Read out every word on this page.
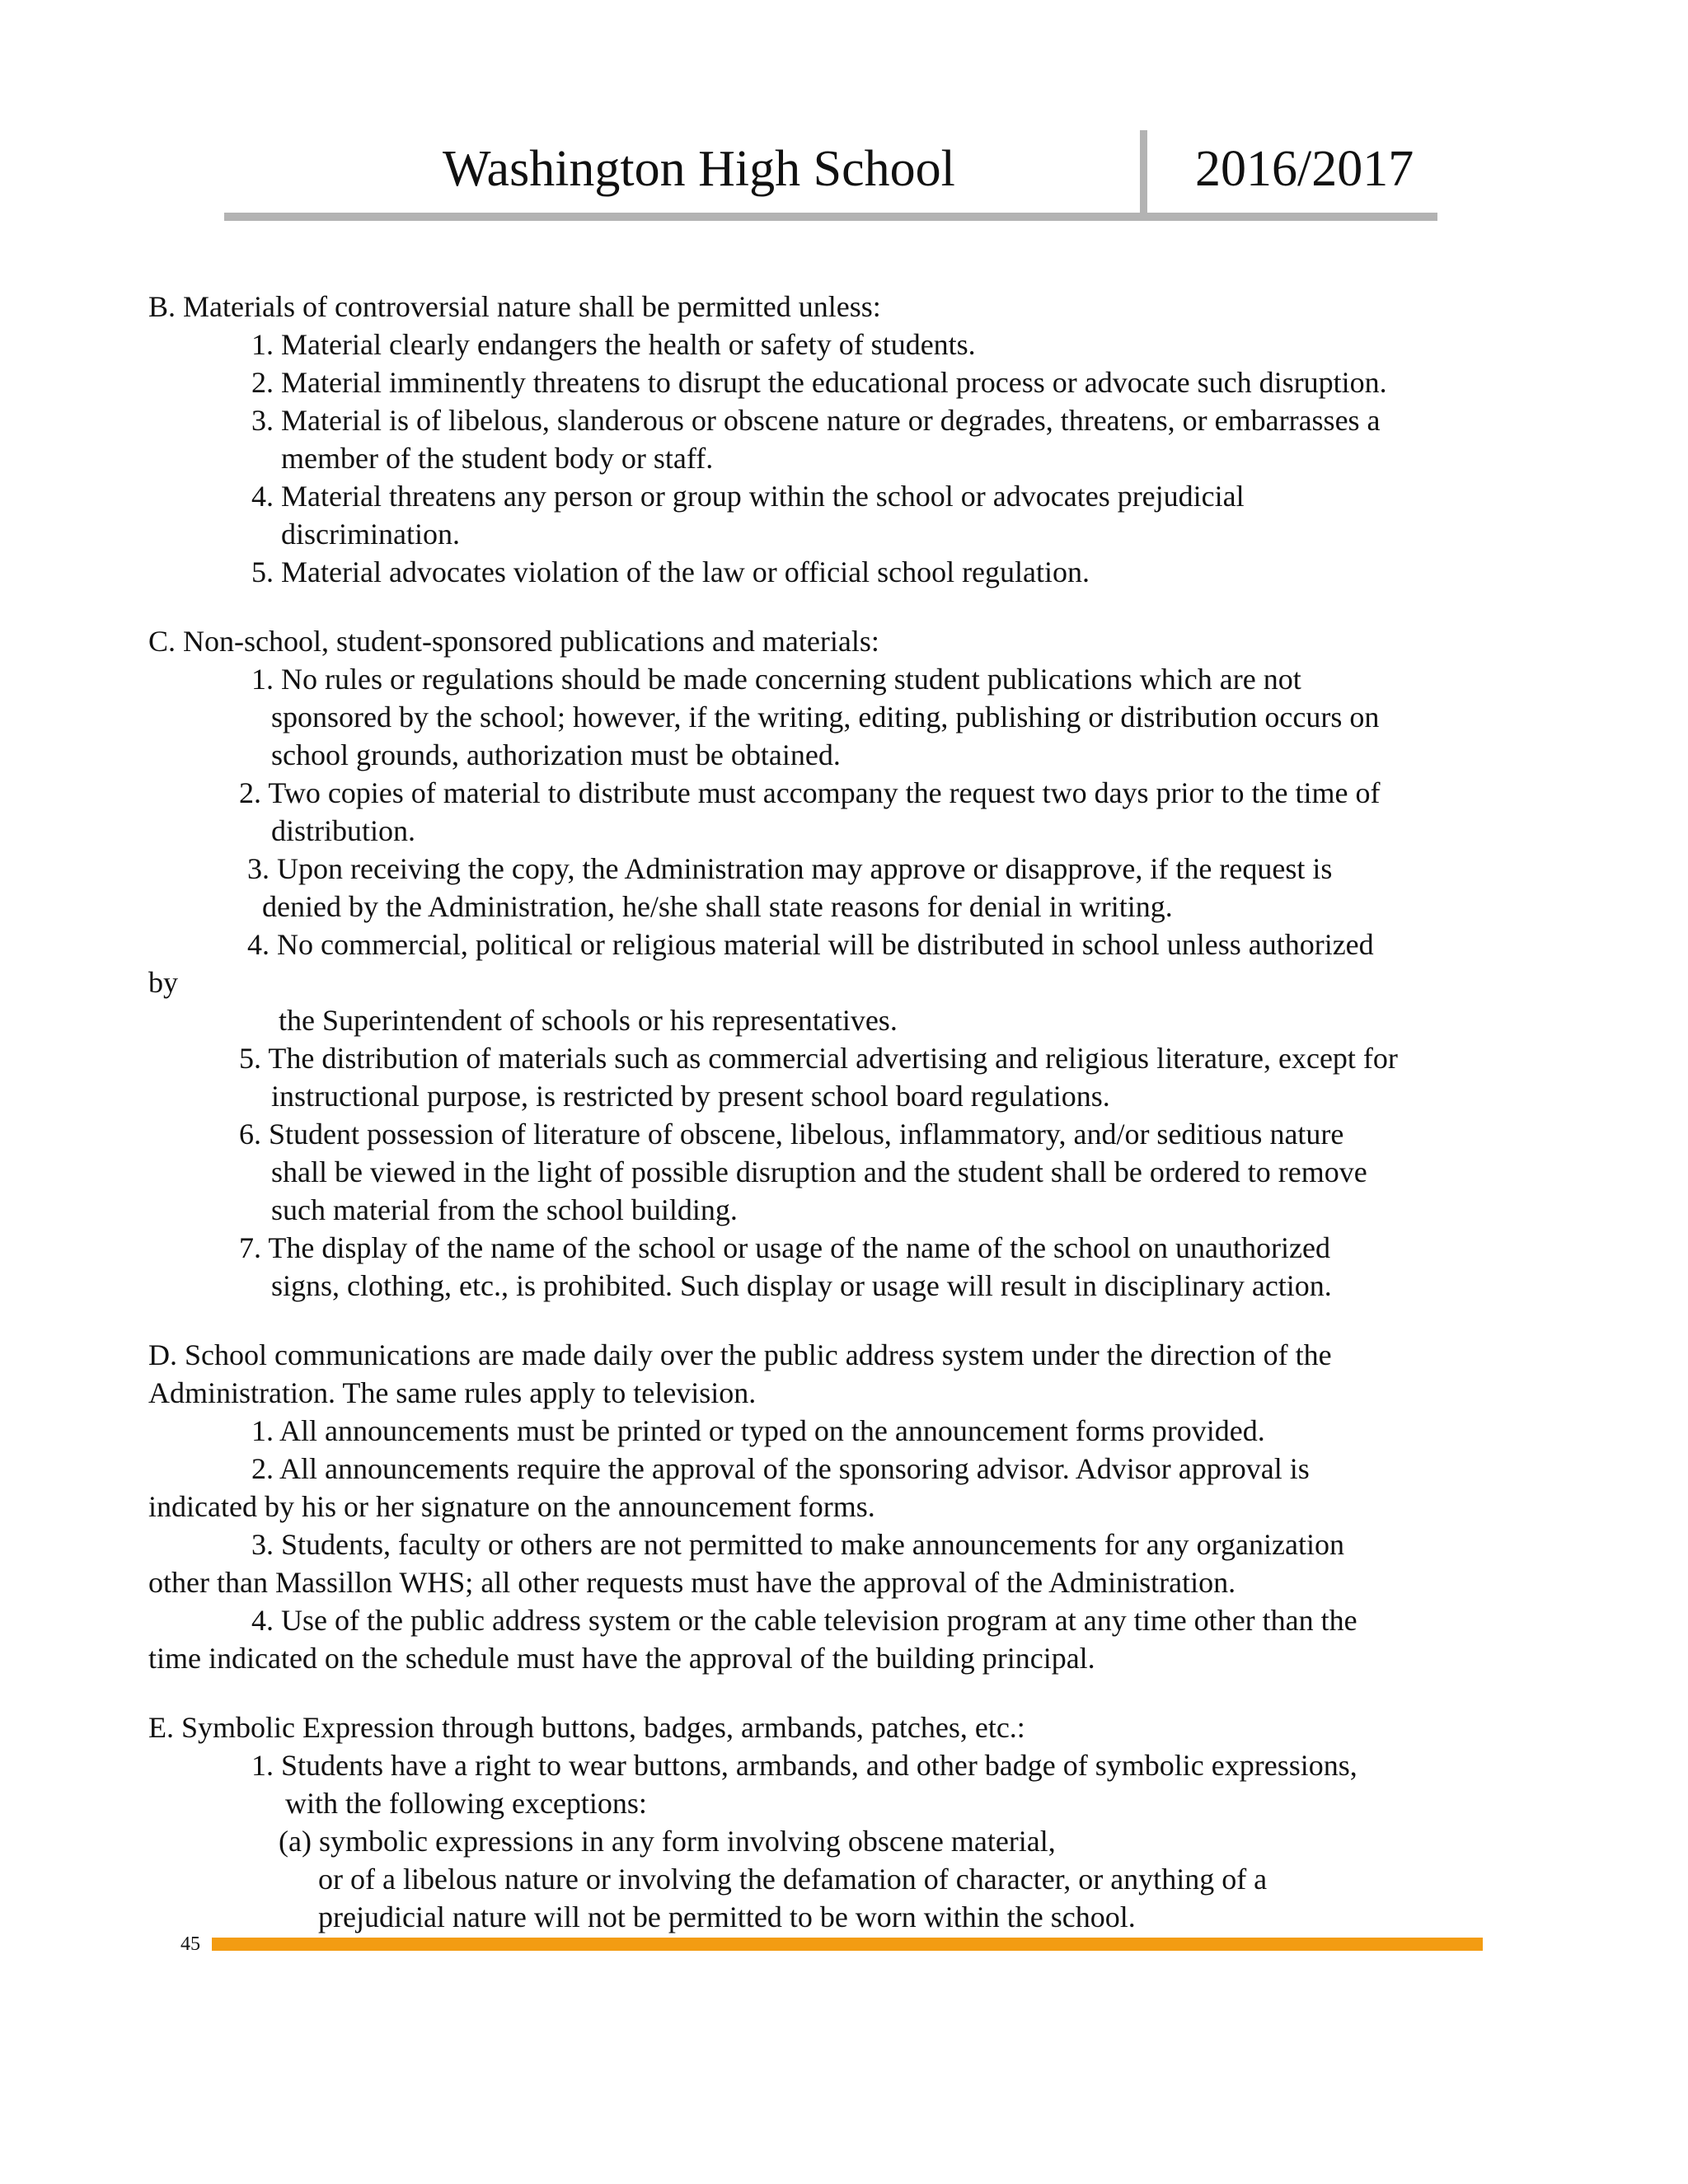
Washington High School	2016/2017
B. Materials of controversial nature shall be permitted unless:
1. Material clearly endangers the health or safety of students.
2. Material imminently threatens to disrupt the educational process or advocate such disruption.
3. Material is of libelous, slanderous or obscene nature or degrades, threatens, or embarrasses a
member of the student body or staff.
4. Material threatens any person or group within the school or advocates prejudicial
discrimination.
5. Material advocates violation of the law or official school regulation.
C. Non-school, student-sponsored publications and materials:
1. No rules or regulations should be made concerning student publications which are not
sponsored by the school; however, if the writing, editing, publishing or distribution occurs on
school grounds, authorization must be obtained.
2. Two copies of material to distribute must accompany the request two days prior to the time of
distribution.
3. Upon receiving the copy, the Administration may approve or disapprove, if the request is
denied by the Administration, he/she shall state reasons for denial in writing.
4. No commercial, political or religious material will be distributed in school unless authorized
by
the Superintendent of schools or his representatives.
5. The distribution of materials such as commercial advertising and religious literature, except for
instructional purpose, is restricted by present school board regulations.
6. Student possession of literature of obscene, libelous, inflammatory, and/or seditious nature
shall be viewed in the light of possible disruption and the student shall be ordered to remove
such material from the school building.
7. The display of the name of the school or usage of the name of the school on unauthorized
signs, clothing, etc., is prohibited. Such display or usage will result in disciplinary action.
D. School communications are made daily over the public address system under the direction of the
Administration. The same rules apply to television.
1. All announcements must be printed or typed on the announcement forms provided.
2. All announcements require the approval of the sponsoring advisor. Advisor approval is
indicated by his or her signature on the announcement forms.
3. Students, faculty or others are not permitted to make announcements for any organization
other than Massillon WHS; all other requests must have the approval of the Administration.
4. Use of the public address system or the cable television program at any time other than the
time indicated on the schedule must have the approval of the building principal.
E. Symbolic Expression through buttons, badges, armbands, patches, etc.:
1. Students have a right to wear buttons, armbands, and other badge of symbolic expressions,
with the following exceptions:
(a) symbolic expressions in any form involving obscene material,
or of a libelous nature or involving the defamation of character, or anything of a
prejudicial nature will not be permitted to be worn within the school.
45
